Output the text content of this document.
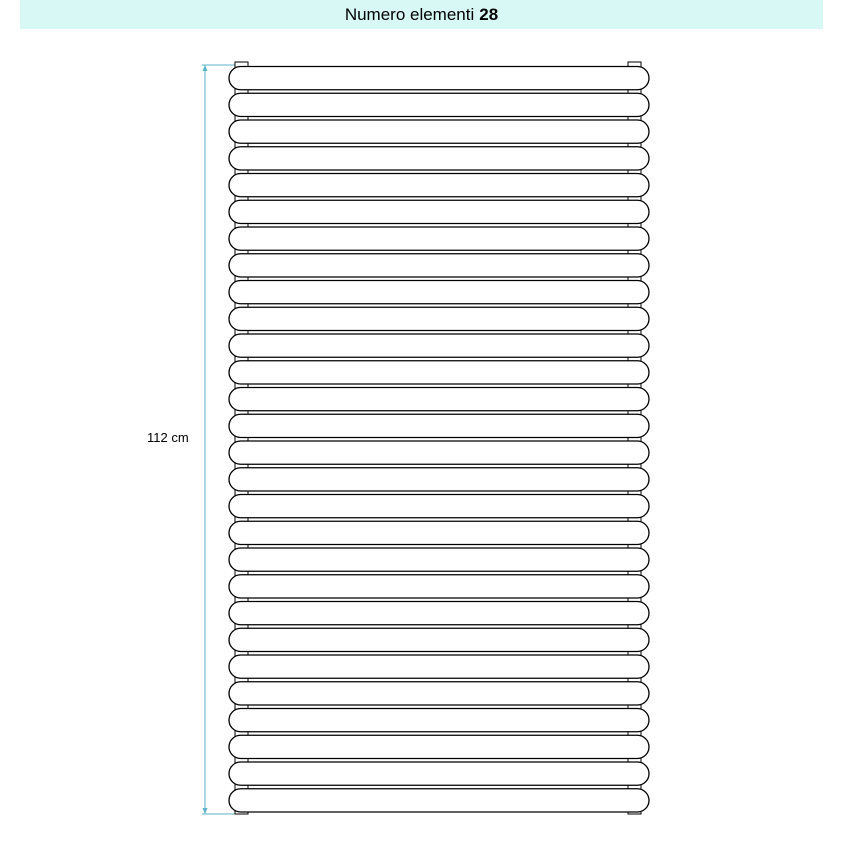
Numero elementi 28
112 cm
